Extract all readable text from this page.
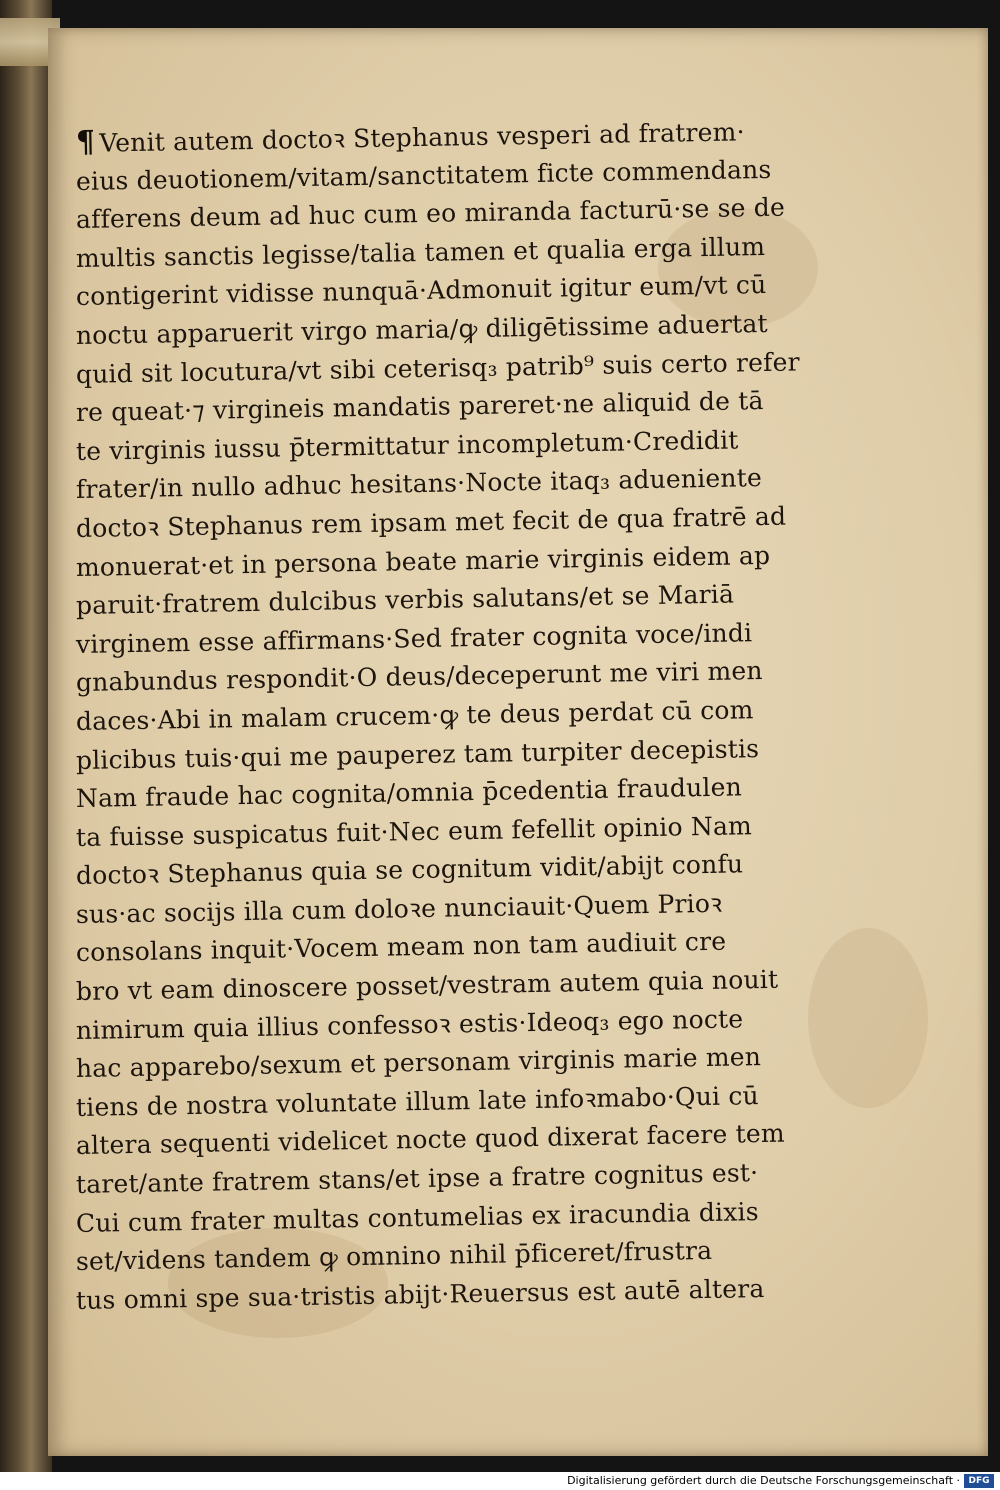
¶ Venit autem doctoꝛ Stephanus vesperi ad fratrem·
eius deuotionem/vitam/sanctitatem ficte commendans
afferens deum ad huc cum eo miranda facturū·se se de
multis sanctis legisse/talia tamen et qualia erga illum
contigerint vidisse nunquā·Admonuit igitur eum/vt cū
noctu apparuerit virgo maria/ꝙ diligētissime aduertat
quid sit locutura/vt sibi ceterisq₃ patrib⁹ suis certo refer
re queat·⁊ virgineis mandatis pareret·ne aliquid de tā
te virginis iussu p̄termittatur incompletum·Credidit
frater/in nullo adhuc hesitans·Nocte itaq₃ adueniente
doctoꝛ Stephanus rem ipsam met fecit de qua fratrē ad
monuerat·et in persona beate marie virginis eidem ap
paruit·fratrem dulcibus verbis salutans/et se Mariā
virginem esse affirmans·Sed frater cognita voce/indi
gnabundus respondit·O deus/deceperunt me viri men
daces·Abi in malam crucem·ꝙ te deus perdat cū com
plicibus tuis·qui me pauperez tam turpiter decepistis
Nam fraude hac cognita/omnia p̄cedentia fraudulen
ta fuisse suspicatus fuit·Nec eum fefellit opinio Nam
doctoꝛ Stephanus quia se cognitum vidit/abijt confu
sus·ac socijs illa cum doloꝛe nunciauit·Quem Prioꝛ
consolans inquit·Vocem meam non tam audiuit cre
bro vt eam dinoscere posset/vestram autem quia nouit
nimirum quia illius confessoꝛ estis·Ideoq₃ ego nocte
hac apparebo/sexum et personam virginis marie men
tiens de nostra voluntate illum late infoꝛmabo·Qui cū
altera sequenti videlicet nocte quod dixerat facere tem
taret/ante fratrem stans/et ipse a fratre cognitus est·
Cui cum frater multas contumelias ex iracundia dixis
set/videns tandem ꝙ omnino nihil p̄ficeret/frustra
tus omni spe sua·tristis abijt·Reuersus est autē altera
Digitalisierung gefördert durch die Deutsche Forschungsgemeinschaft · DFG
